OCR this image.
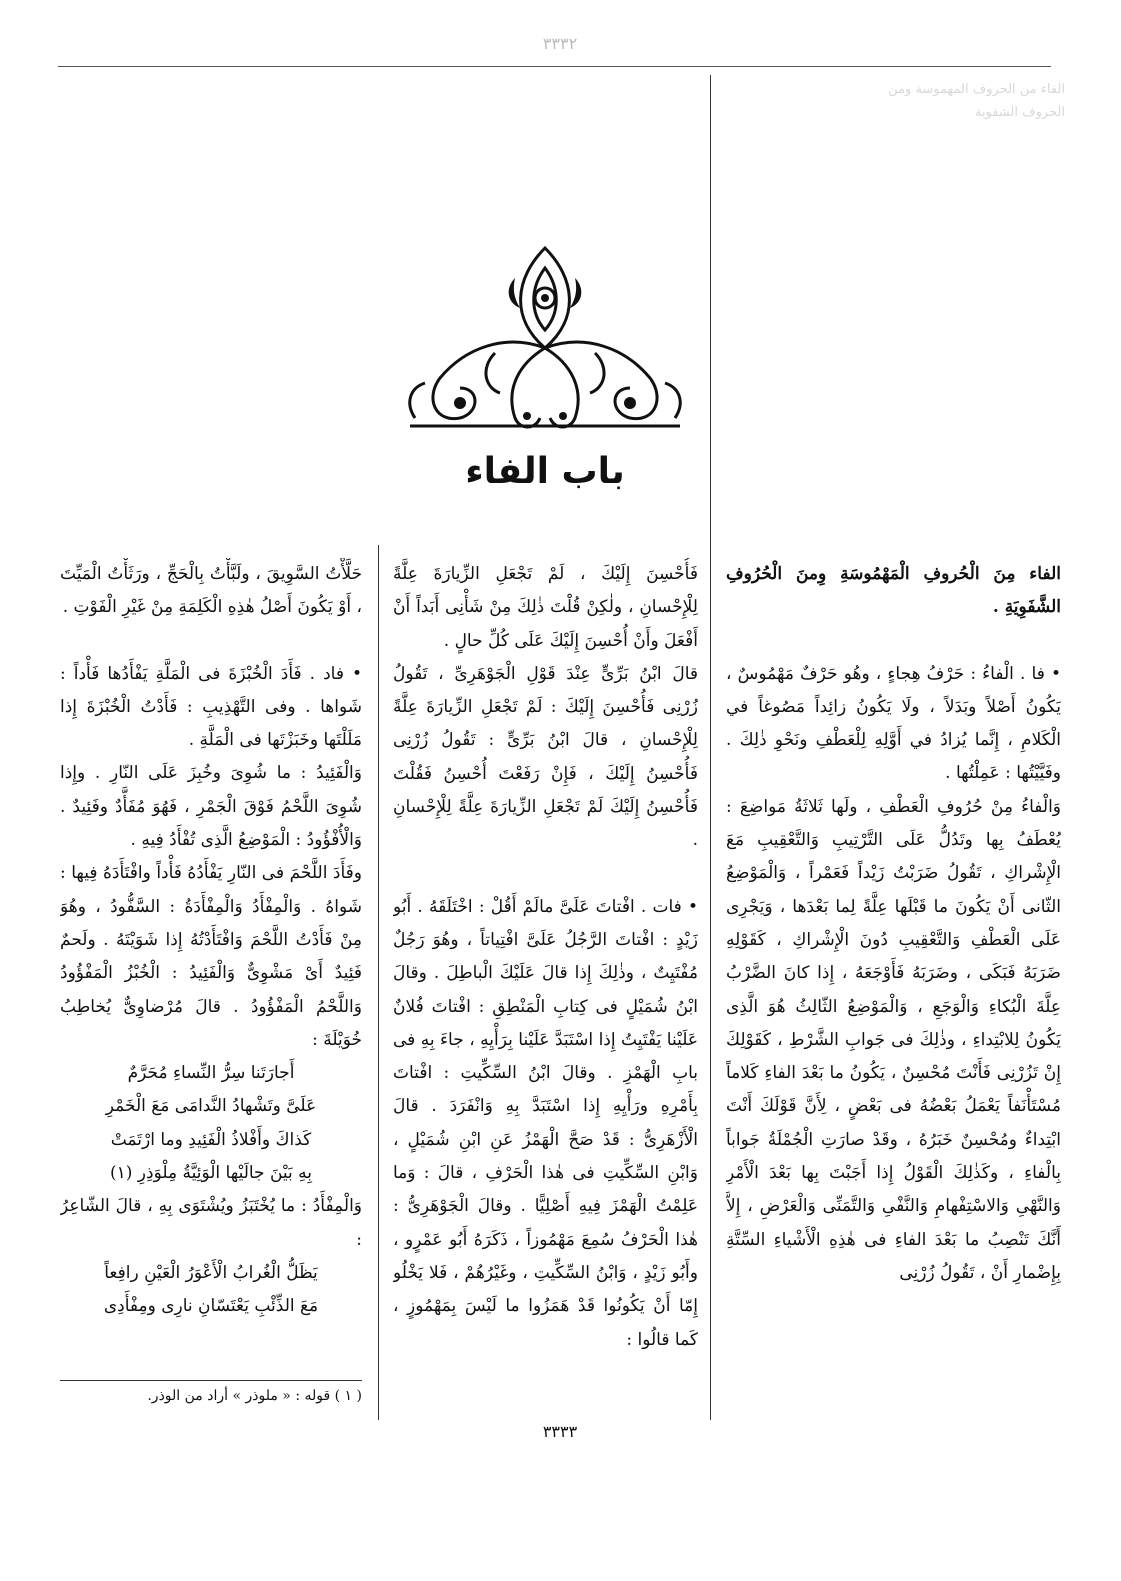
٣٣٣٢

الفاء من الحروف المهموسة ومن

الحروف الشفوية

باب الفاء

الفاء مِنَ الْحُروفِ الْمَهْمُوسَةِ وِمنَ الْحُرُوفِ الشَّفَوِيَةِ .

• فا . الْفاءُ : حَرْفُ هِجاءٍ ، وهُو حَرْفٌ مَهْمُوسٌ ، يَكُونُ أَصْلاً وبَدَلاً ، ولَا يَكُونُ زائِداً مَصُوغاً في الْكَلامِ ، إِنَّما يُزادُ في أَوَّلِهِ لِلْعَطْفِ ونَحْوِ ذٰلِكَ . وفَيَّيْتُها : عَمِلْتُها .

وَالْفاءُ مِنْ حُرُوفِ الْعَطْفِ ، ولَها ثَلاثَةُ مَواضِعَ : يُعْطَفُ بِها وتَدُلُّ عَلَى التَّرْتِيبِ وَالتَّعْقِيبِ مَعَ الْإِشْراكِ ، تَقُولُ ضَرَبْتُ زَيْداً فَعَمْراً ، وَالْمَوْضِعُ الثّانى أَنْ يَكُونَ ما قَبْلَها عِلَّةً لِما بَعْدَها ، وَيَجْرِى عَلَى الْعَطْفِ وَالتَّعْقِيبِ دُونَ الْإِشْراكِ ، كَقَوْلِهِ ضَرَبَهُ فَبَكَى ، وضَرَبَهُ فَأَوْجَعَهُ ، إِذا كانَ الضَّرْبُ عِلَّةَ الْبُكاءِ وَالْوَجَعِ ، وَالْمَوْضِعُ الثّالِثُ هُوَ الَّذِى يَكُونُ لِلابْتِداءِ ، وذٰلِكَ فى جَوابِ الشَّرْطِ ، كَقَوْلِكَ إِنْ تَزُرْنِى فَأَنْتَ مُحْسِنٌ ، يَكُونُ ما بَعْدَ الفاءِ كَلاماً مُسْتَأْنَفاً يَعْمَلُ بَعْضُهُ فى بَعْضٍ ، لِأَنَّ قَوْلَكَ أَنْتَ ابْتِداءٌ ومُحْسِنٌ خَبَرُهُ ، وقَدْ صارَتِ الْجُمْلَةُ جَواباً بِالْفاءِ ، وكَذٰلِكَ الْقَوْلُ إِذا أَجَبْتَ بِها بَعْدَ الْأَمْرِ وَالنَّهْىِ وَالاسْتِفْهامِ وَالنَّفْىِ وَالتَّمَنِّى وَالْعَرْضِ ، إِلاَّ أَنَّكَ تَنْصِبُ ما بَعْدَ الفاءِ فى هٰذِهِ الْأَشْياءِ السِّتَّةِ بِإِضْمارِ أَنْ ، تَقُولُ زُرْنِى

فَأُحْسِنَ إِلَيْكَ ، لَمْ تَجْعَلِ الزِّيارَةَ عِلَّةً لِلْإِحْسانِ ، ولٰكِنْ قُلْتَ ذٰلِكَ مِنْ شَأْنِى أَبَداً أَنْ أَفْعَلَ وأَنْ أُحْسِنَ إِلَيْكَ عَلَى كُلِّ حالٍ .

قالَ ابْنُ بَرِّىٍّ عِنْدَ قَوْلِ الْجَوْهَرِىِّ ، تَقُولُ زُرْنِى فَأُحْسِنَ إِلَيْكَ : لَمْ تَجْعَلِ الزِّيارَةَ عِلَّةً لِلْإِحْسانِ ، قالَ ابْنُ بَرِّىٍّ : تَقُولُ زُرْنِى فَأُحْسِنُ إِلَيْكَ ، فَإِنْ رَفَعْتَ أُحْسِنُ فَقُلْتَ فَأُحْسِنُ إِلَيْكَ لَمْ تَجْعَلِ الزِّيارَةَ عِلَّةً لِلْإِحْسانِ .

• فات . افْتاتَ عَلَىَّ مالَمْ أَقُلْ : اخْتَلَقَهُ . أَبُو زَيْدٍ : افْتاتَ الرَّجُلُ عَلَىَّ افْتِياتاً ، وهُوَ رَجُلٌ مُفْتَيِتٌ ، وذٰلِكَ إِذا قالَ عَلَيْكَ الْباطِلَ . وقالَ ابْنُ شُمَيْلٍ فى كِتابِ الْمَنْطِقِ : افْتاتَ فُلانٌ عَلَيْنا يَفْتَيِتُ إِذا اسْتَبَدَّ عَلَيْنا بِرَأْيِهِ ، جاءَ بِهِ فى بابِ الْهَمْزِ . وقالَ ابْنُ السِّكِّيتِ : افْتاتَ بِأَمْرِهِ ورَأْيِهِ إِذا اسْتَبَدَّ بِهِ وَانْفَرَدَ . قالَ الْأَزْهَرِىُّ : قَدْ صَحَّ الْهَمْزُ عَنِ ابْنِ شُمَيْلٍ ، وَابْنِ السِّكِّيتِ فى هٰذا الْحَرْفِ ، قالَ : وَما عَلِمْتُ الْهَمْزَ فِيهِ أَصْلِيًّا . وقالَ الْجَوْهَرِىُّ : هٰذا الْحَرْفُ سُمِعَ مَهْمُوزاً ، ذَكَرَهُ أَبُو عَمْرٍو ، وأَبُو زَيْدٍ ، وَابْنُ السِّكِّيتِ ، وغَيْرُهُمْ ، فَلا يَخْلُو إِمّا أَنْ يَكُونُوا قَدْ هَمَزُوا ما لَيْسَ بِمَهْمُوزٍ ، كَما قالُوا :

حَلَّأْتُ السَّوِيقَ ، ولَبَّأْتُ بِالْحَجِّ ، ورَثَأْتُ الْمَيِّتَ ، أَوْ يَكُونَ أَصْلُ هٰذِهِ الْكَلِمَةِ مِنْ غَيْرِ الْفَوْتِ .

• فاد . فَأَدَ الْخُبْزَةَ فى الْمَلَّةِ يَفْأَدُها فَأْداً : شَواها . وفى التَّهْذِيبِ : فَأَدْتُ الْخُبْزَةَ إِذا مَلَلْتَها وخَبَزْتَها فى الْمَلَّةِ .

وَالْفَئِيدُ : ما شُوِىَ وخُبِزَ عَلَى النّارِ . وإِذا شُوِىَ اللَّحْمُ فَوْقَ الْجَمْرِ ، فَهُوَ مُفَأَّدٌ وفَئِيدٌ . وَالْأُفْؤُودُ : الْمَوْضِعُ الَّذِى تُفْأَدُ فِيهِ .

وفَأَدَ اللَّحْمَ فى النّارِ يَفْأَدُهُ فَأْداً وافْتَأَدَهُ فِيها : شَواهُ . وَالْمِفْأَدُ وَالْمِفْأَدَةُ : السَّفُّودُ ، وهُوَ مِنْ فَأَدْتُ اللَّحْمَ وَافْتَأَدْتُهُ إِذا شَوَيْتَهُ . ولَحمٌ فَئِيدٌ أَىْ مَشْوِىٌّ وَالْفَئِيدُ : الْخُبْزُ الْمَفْؤُودُ وَاللَّحْمُ الْمَفْؤُودُ . قالَ مُرْضاوِىٌّ يُخاطِبُ خُوَيْلَةَ :

أَجارَتَنا سِرُّ النِّساءِ مُحَرَّمٌ

عَلَىَّ وتَشْهادُ النَّدامَى مَعَ الْخَمْرِ

كَذاكَ وأَفْلاذُ الْفَئِيدِ وما ارْتَمَتْ

بِهِ بَيْنَ جالَيْها الْوَئِيَّةُ مِلْوَذِرِ (١)

وَالْمِفْأَدُ : ما يُخْتَبَزُ ويُشْتَوَى بِهِ ، قالَ الشّاعِرُ :

يَظَلُّ الْغُرابُ الْأَعْوَرُ الْعَيْنِ رافِعاً

مَعَ الذِّئْبِ يَعْتَسّانِ نارِى ومِفْأَدِى

( ١ ) قوله : « ملوذر » أراد من الوذر.
٣٣٣٣
